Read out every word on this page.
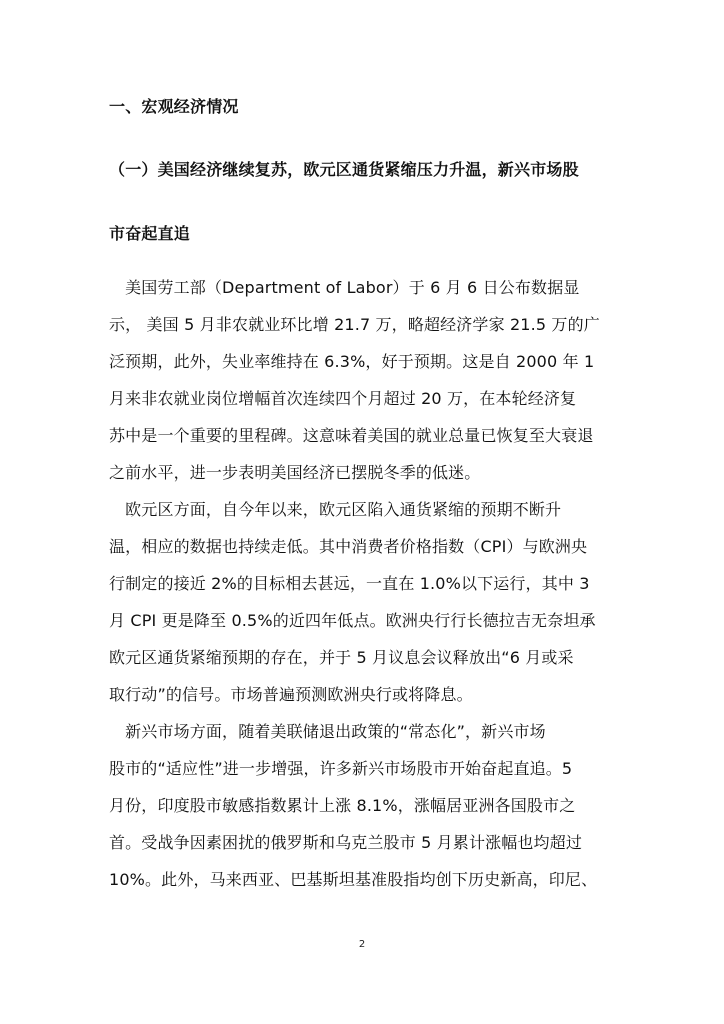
一、宏观经济情况
（一）美国经济继续复苏，欧元区通货紧缩压力升温，新兴市场股
市奋起直追
　美国劳工部（Department of Labor）于 6 月 6 日公布数据显
示， 美国 5 月非农就业环比增 21.7 万，略超经济学家 21.5 万的广
泛预期，此外，失业率维持在 6.3%，好于预期。这是自 2000 年 1
月来非农就业岗位增幅首次连续四个月超过 20 万，在本轮经济复
苏中是一个重要的里程碑。这意味着美国的就业总量已恢复至大衰退
之前水平，进一步表明美国经济已摆脱冬季的低迷。
　欧元区方面，自今年以来，欧元区陷入通货紧缩的预期不断升
温，相应的数据也持续走低。其中消费者价格指数（CPI）与欧洲央
行制定的接近 2%的目标相去甚远，一直在 1.0%以下运行，其中 3
月 CPI 更是降至 0.5%的近四年低点。欧洲央行行长德拉吉无奈坦承
欧元区通货紧缩预期的存在，并于 5 月议息会议释放出“6 月或采
取行动”的信号。市场普遍预测欧洲央行或将降息。
　新兴市场方面，随着美联储退出政策的“常态化”，新兴市场
股市的“适应性”进一步增强，许多新兴市场股市开始奋起直追。5
月份，印度股市敏感指数累计上涨 8.1%，涨幅居亚洲各国股市之
首。受战争因素困扰的俄罗斯和乌克兰股市 5 月累计涨幅也均超过
10%。此外，马来西亚、巴基斯坦基准股指均创下历史新高，印尼、
2
